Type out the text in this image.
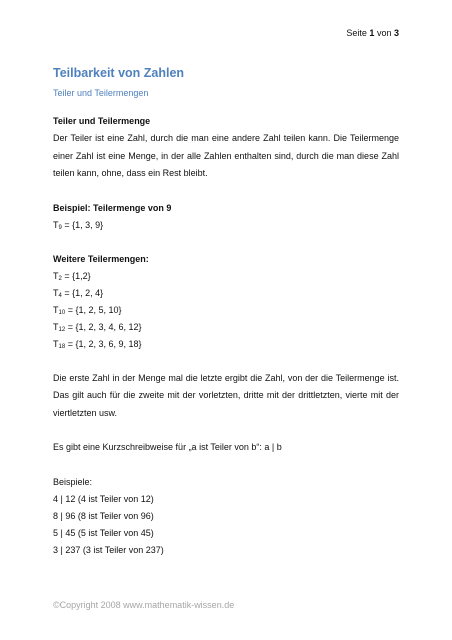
Seite 1 von 3
Teilbarkeit von Zahlen
Teiler und Teilermengen
Teiler und Teilermenge

Der Teiler ist eine Zahl, durch die man eine andere Zahl teilen kann. Die Teilermenge einer Zahl ist eine Menge, in der alle Zahlen enthalten sind, durch die man diese Zahl teilen kann, ohne, dass ein Rest bleibt.

Beispiel: Teilermenge von 9
$T_9 = \{1$, 3, 9}
Weitere Teilermengen:
$T_2 = \{1,2\}$
$T_4 = \{1$, 2, 4}
$T_{10} = \{1$, 2, 5, 10}
$T_{12} = \{1$, 2, 3, 4, 6, 12}
$T_{18} = \{1$, 2, 3, 6, 9, 18}

Die erste Zahl in der Menge mal die letzte ergibt die Zahl, von der die Teilermenge ist. Das gilt auch für die zweite mit der vorletzten, dritte mit der drittletzten, vierte mit der viertletzten usw.

Es gibt eine Kurzschreibweise für „a ist Teiler von b“: a | b

Beispiele:
4 | 12 (4 ist Teiler von 12)
8 | 96 (8 ist Teiler von 96)
5 | 45 (5 ist Teiler von 45)
3 | 237 (3 ist Teiler von 237)
©Copyright 2008 www.mathematik-wissen.de
